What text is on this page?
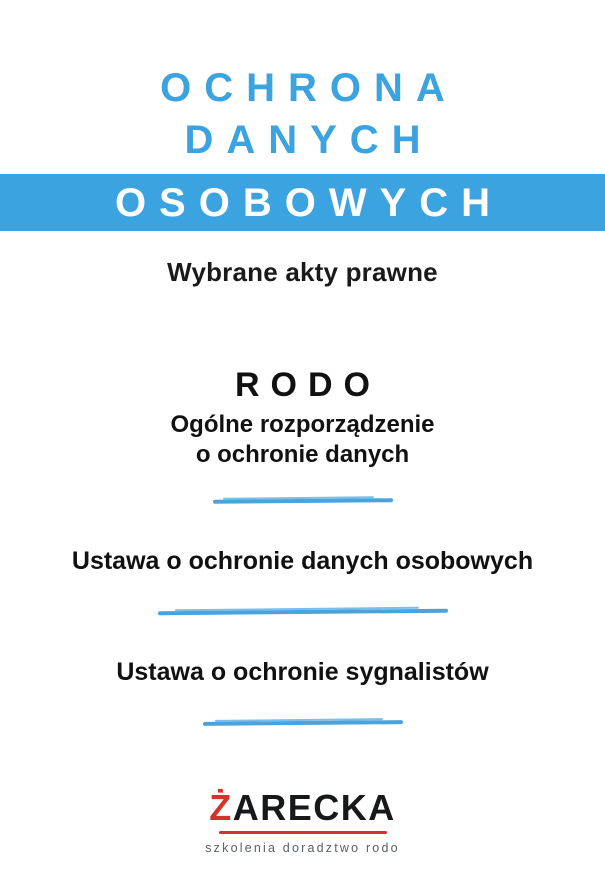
OCHRONA
DANYCH
OSOBOWYCH
Wybrane akty prawne
RODO
Ogólne rozporządzenie
o ochronie danych
Ustawa o ochronie danych osobowych
Ustawa o ochronie sygnalistów
ŻARECKA
szkolenia doradztwo rodo
